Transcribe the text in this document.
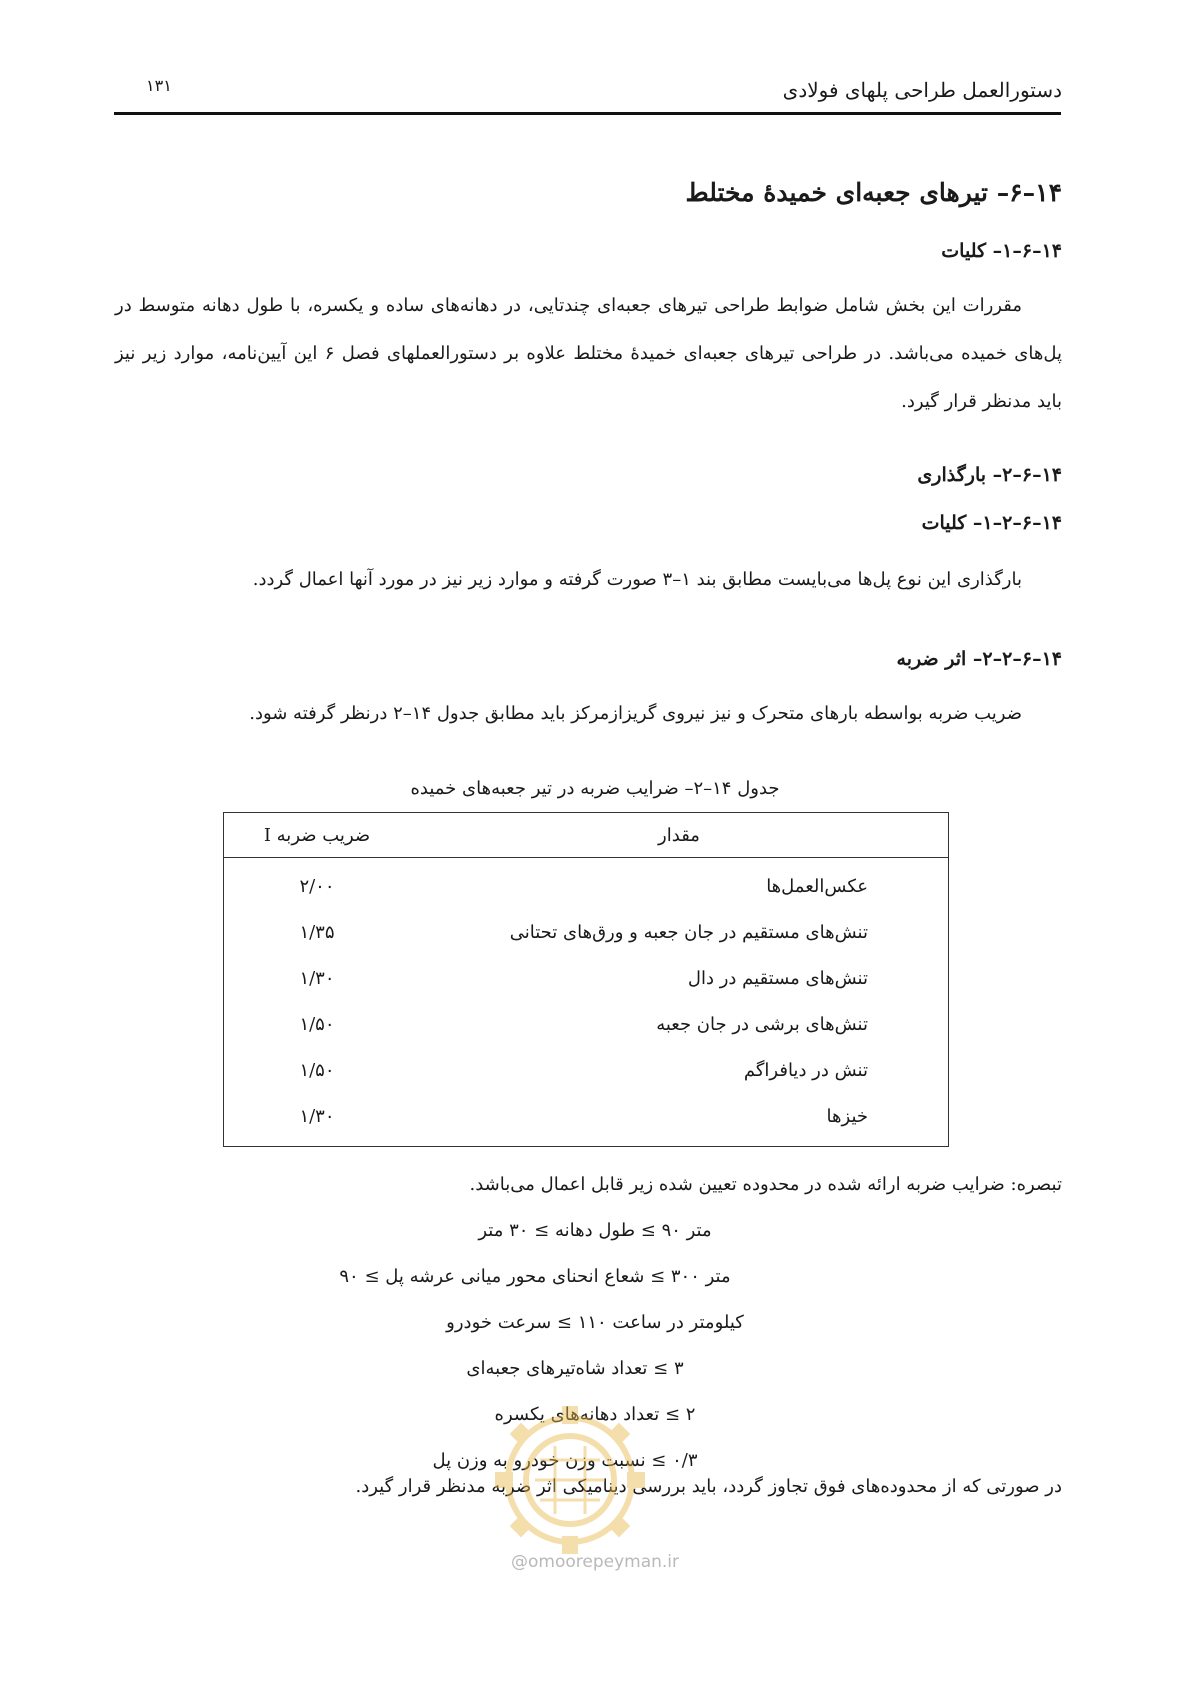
دستورالعمل طراحی پلهای فولادی
۱۳۱
۱۴–۶– تیرهای جعبه‌ای خمیدهٔ مختلط
۱۴–۶–۱– کلیات
مقررات این بخش شامل ضوابط طراحی تیرهای جعبه‌ای چندتایی، در دهانه‌های ساده و یکسره، با طول دهانه متوسط در پل‌های خمیده می‌باشد. در طراحی تیرهای جعبه‌ای خمیدهٔ مختلط علاوه بر دستورالعملهای فصل ۶ این آیین‌نامه، موارد زیر نیز باید مدنظر قرار گیرد.
۱۴–۶–۲– بارگذاری
۱۴–۶–۲–۱– کلیات
بارگذاری این نوع پل‌ها می‌بایست مطابق بند ۱–۳ صورت گرفته و موارد زیر نیز در مورد آنها اعمال گردد.
۱۴–۶–۲–۲– اثر ضربه
ضریب ضربه بواسطه بارهای متحرک و نیز نیروی گریزازمرکز باید مطابق جدول ۱۴–۲ درنظر گرفته شود.
جدول ۱۴–۲– ضرایب ضربه در تیر جعبه‌های خمیده
مقدار	ضریب ضربه I
عکس‌العمل‌ها	۲/۰۰
تنش‌های مستقیم در جان جعبه و ورق‌های تحتانی	۱/۳۵
تنش‌های مستقیم در دال	۱/۳۰
تنش‌های برشی در جان جعبه	۱/۵۰
تنش در دیافراگم	۱/۵۰
خیزها	۱/۳۰
تبصره: ضرایب ضربه ارائه شده در محدوده تعیین شده زیر قابل اعمال می‌باشد.
متر ۹۰ ≥ طول دهانه ≥ ۳۰ متر
متر ۳۰۰ ≥ شعاع انحنای محور میانی عرشه پل ≥ ۹۰
کیلومتر در ساعت ۱۱۰ ≥ سرعت خودرو
۳ ≥ تعداد شاه‌تیرهای جعبه‌ای
۲ ≥ تعداد دهانه‌های یکسره
۰/۳ ≥ نسبت وزن خودرو به وزن پل
در صورتی که از محدوده‌های فوق تجاوز گردد، باید بررسی دینامیکی اثر ضربه مدنظر قرار گیرد.
@omoorepeyman.ir
